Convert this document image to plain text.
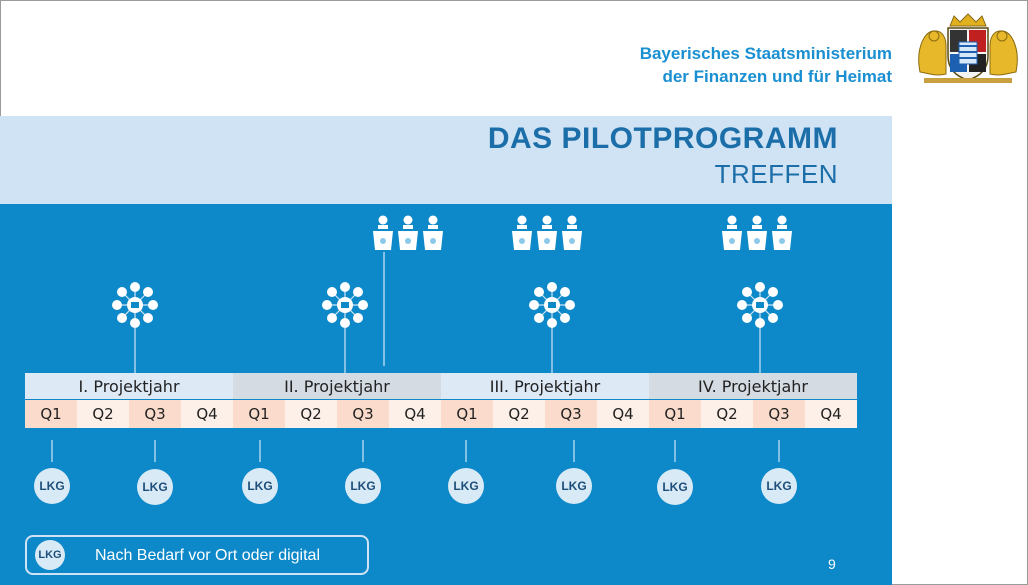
Bayerisches Staatsministerium
der Finanzen und für Heimat
DAS PILOTPROGRAMM
TREFFEN
I. Projektjahr	II. Projektjahr	III. Projektjahr	IV. Projektjahr
Q1	Q2	Q3	Q4	Q1	Q2	Q3	Q4	Q1	Q2	Q3	Q4	Q1	Q2	Q3	Q4
LKG	LKG	LKG	LKG	LKG	LKG	LKG	LKG
LKG Nach Bedarf vor Ort oder digital	9
